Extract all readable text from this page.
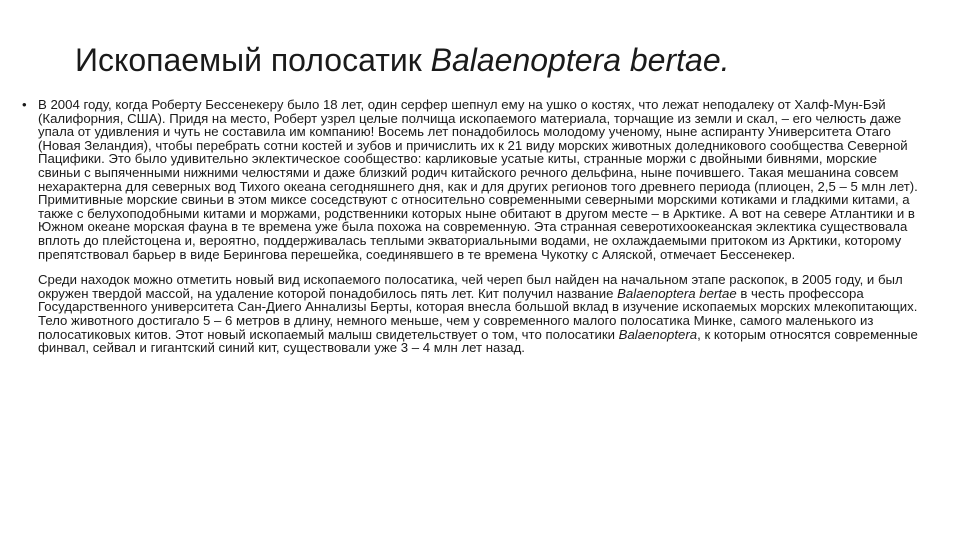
Ископаемый полосатик Balaenoptera bertae.

• В 2004 году, когда Роберту Бессенекеру было 18 лет, один серфер шепнул ему на ушко о костях, что лежат неподалеку от Халф-Мун-Бэй (Калифорния, США). Придя на место, Роберт узрел целые полчища ископаемого материала, торчащие из земли и скал, – его челюсть даже упала от удивления и чуть не составила им компанию! Восемь лет понадобилось молодому ученому, ныне аспиранту Университета Отаго (Новая Зеландия), чтобы перебрать сотни костей и зубов и причислить их к 21 виду морских животных доледникового сообщества Северной Пацифики. Это было удивительно эклектическое сообщество: карликовые усатые киты, странные моржи с двойными бивнями, морские свиньи с выпяченными нижними челюстями и даже близкий родич китайского речного дельфина, ныне почившего. Такая мешанина совсем нехарактерна для северных вод Тихого океана сегодняшнего дня, как и для других регионов того древнего периода (плиоцен, 2,5 – 5 млн лет). Примитивные морские свиньи в этом миксе соседствуют с относительно современными северными морскими котиками и гладкими китами, а также с белухоподобными китами и моржами, родственники которых ныне обитают в другом месте – в Арктике. А вот на севере Атлантики и в Южном океане морская фауна в те времена уже была похожа на современную. Эта странная северотихоокеанская эклектика существовала вплоть до плейстоцена и, вероятно, поддерживалась теплыми экваториальными водами, не охлаждаемыми притоком из Арктики, которому препятствовал барьер в виде Берингова перешейка, соединявшего в те времена Чукотку с Аляской, отмечает Бессенекер.

Среди находок можно отметить новый вид ископаемого полосатика, чей череп был найден на начальном этапе раскопок, в 2005 году, и был окружен твердой массой, на удаление которой понадобилось пять лет. Кит получил название Balaenoptera bertae в честь профессора Государственного университета Сан-Диего Аннализы Берты, которая внесла большой вклад в изучение ископаемых морских млекопитающих. Тело животного достигало 5 – 6 метров в длину, немного меньше, чем у современного малого полосатика Минке, самого маленького из полосатиковых китов. Этот новый ископаемый малыш свидетельствует о том, что полосатики Balaenoptera, к которым относятся современные финвал, сейвал и гигантский синий кит, существовали уже 3 – 4 млн лет назад.
